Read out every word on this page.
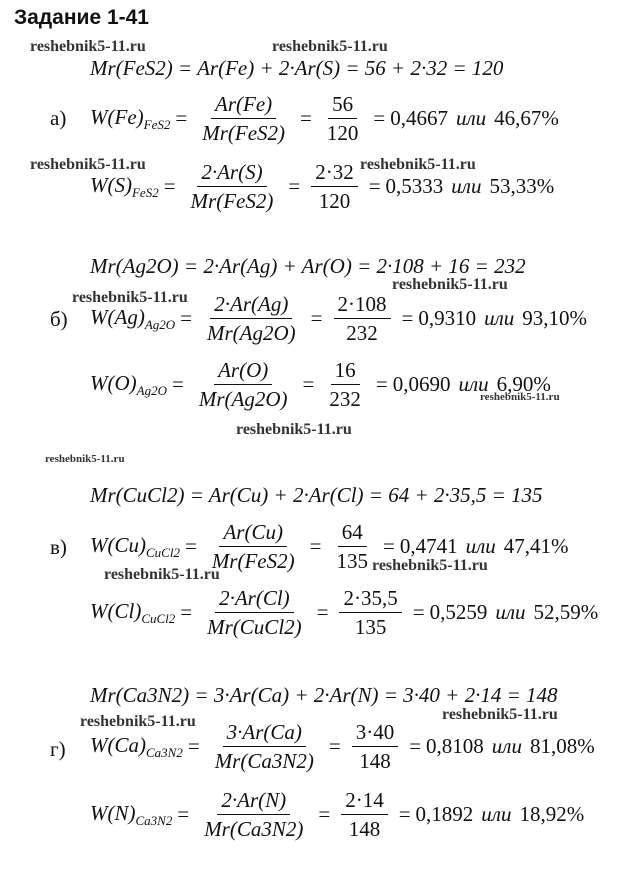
Задание 1-41
reshebnik5-11.ru	reshebnik5-11.ru
reshebnik5-11.ru	reshebnik5-11.ru
reshebnik5-11.ru
reshebnik5-11.ru
reshebnik5-11.ru
reshebnik5-11.ru
reshebnik5-11.ru
reshebnik5-11.ru
reshebnik5-11.ru
reshebnik5-11.ru	reshebnik5-11.ru
а)
б)
в)
г)
Mr(FeS2) = Ar(Fe) + 2·Ar(S) = 56 + 2·32 = 120
Mr(Ag2O) = 2·Ar(Ag) + Ar(O) = 2·108 + 16 = 232
Mr(CuCl2) = Ar(Cu) + 2·Ar(Cl) = 64 + 2·35,5 = 135
Mr(Ca3N2) = 3·Ar(Ca) + 2·Ar(N) = 3·40 + 2·14 = 148
$W(Fe)_{FeS2} = \frac{Ar(Fe)}{\text{Mr(FeS2)}} = \frac{56}{120} = 0,4667$ или 46,67%
$W(S)_{FeS2} = \frac{2\cdot Ar(S)}{\text{Mr(FeS2)}} = \frac{2\cdot 32}{120} = 0,5333$ или 53,33%
$W(Ag)_{Ag2O} = \frac{2\cdot Ar(Ag)}{Mr(Ag2O)} = \frac{2\cdot 108}{232} = 0,9310$ или 93,10%
$W(O)_{Ag2O} = \frac{Ar(O)}{Mr(Ag2O)} = \frac{16}{232} = 0,0690$ или 6,90%
$W(Cu)_{CuCl2} = \frac{Ar(Cu)}{\text{Mr(FeS2)}} = \frac{64}{135} = 0,4741$ или 47,41%
$W(Cl)_{CuCl2} = \frac{2\cdot Ar(Cl)}{\text{Mr(CuCl2)}} = \frac{2\cdot 35,5}{135} = 0,5259$ или 52,59%
$W(Ca)_{Ca3N2} = \frac{3\cdot Ar(Ca)}{Mr(Ca3N2)} = \frac{3\cdot 40}{148} = 0,8108$ или 81,08%
$W(N)_{Ca3N2} = \frac{2\cdot Ar(N)}{Mr(Ca3N2)} = \frac{2\cdot 14}{148} = 0,1892$ или 18,92%
